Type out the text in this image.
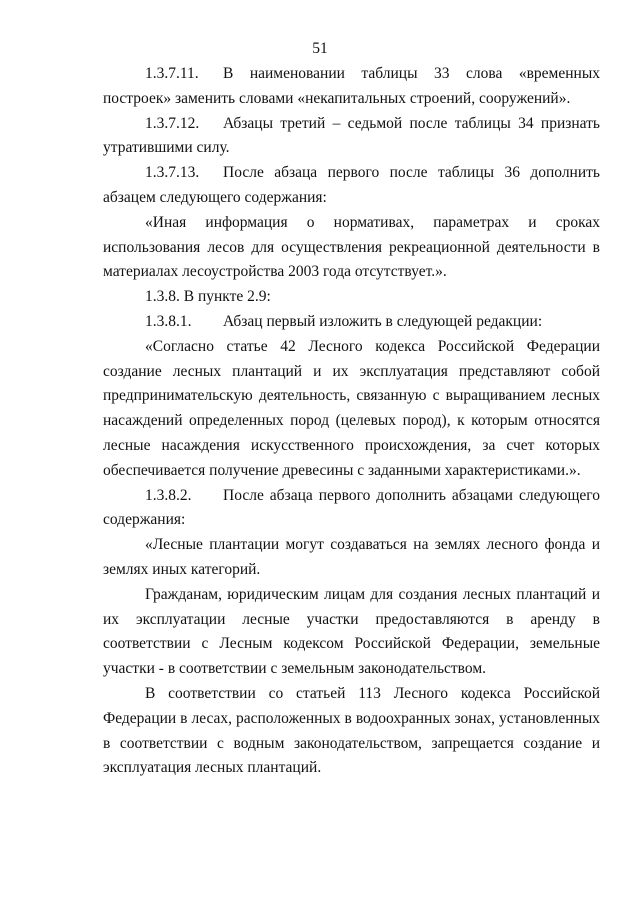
51

1.3.7.11. В наименовании таблицы 33 слова «временных построек» заменить словами «некапитальных строений, сооружений».

1.3.7.12. Абзацы третий – седьмой после таблицы 34 признать утратившими силу.

1.3.7.13. После абзаца первого после таблицы 36 дополнить абзацем следующего содержания:

«Иная информация о нормативах, параметрах и сроках использования лесов для осуществления рекреационной деятельности в материалах лесоустройства 2003 года отсутствует.».

1.3.8. В пункте 2.9:

1.3.8.1. Абзац первый изложить в следующей редакции:

«Согласно статье 42 Лесного кодекса Российской Федерации создание лесных плантаций и их эксплуатация представляют собой предпринимательскую деятельность, связанную с выращиванием лесных насаждений определенных пород (целевых пород), к которым относятся лесные насаждения искусственного происхождения, за счет которых обеспечивается получение древесины с заданными характеристиками.».

1.3.8.2. После абзаца первого дополнить абзацами следующего содержания:

«Лесные плантации могут создаваться на землях лесного фонда и землях иных категорий.

Гражданам, юридическим лицам для создания лесных плантаций и их эксплуатации лесные участки предоставляются в аренду в соответствии с Лесным кодексом Российской Федерации, земельные участки - в соответствии с земельным законодательством.

В соответствии со статьей 113 Лесного кодекса Российской Федерации в лесах, расположенных в водоохранных зонах, установленных в соответствии с водным законодательством, запрещается создание и эксплуатация лесных плантаций.
